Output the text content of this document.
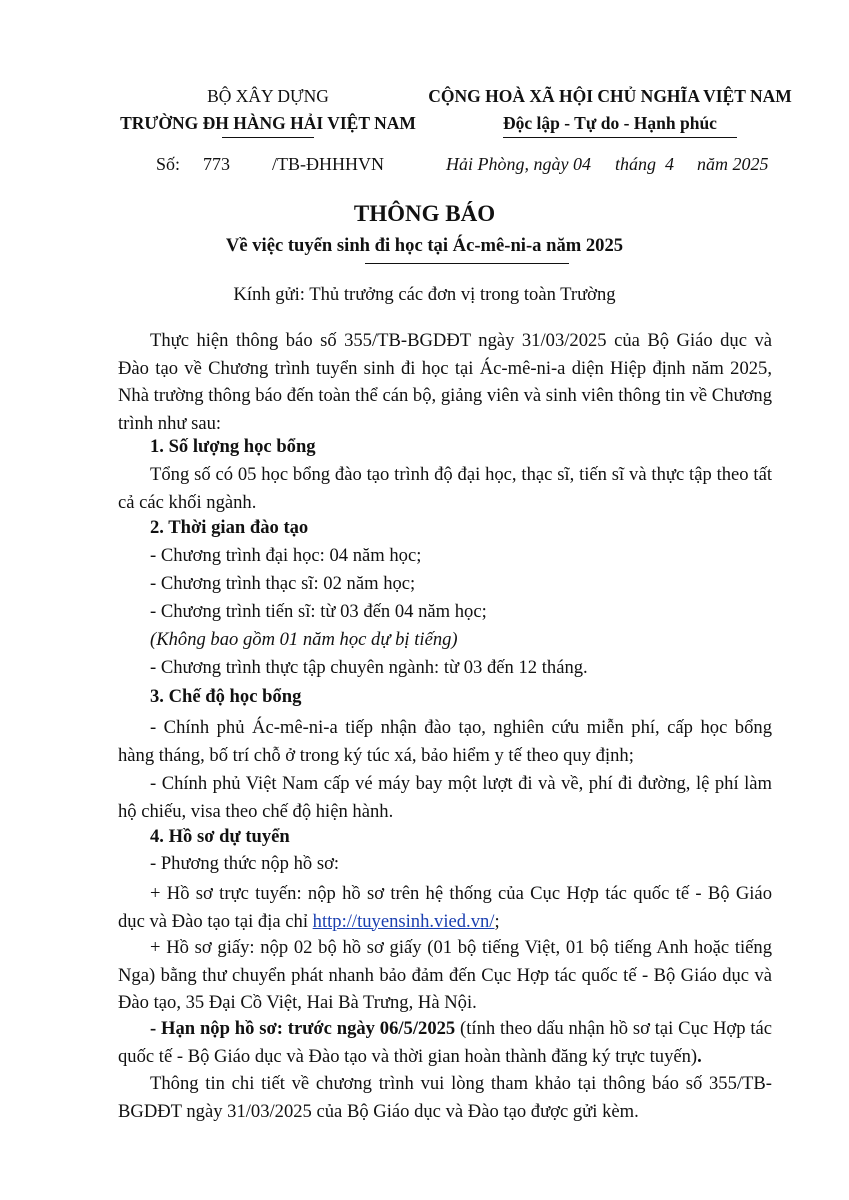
BỘ XÂY DỰNG
TRƯỜNG ĐH HÀNG HẢI VIỆT NAM
CỘNG HOÀ XÃ HỘI CHỦ NGHĨA VIỆT NAM
Độc lập - Tự do - Hạnh phúc
Số: 773 /TB-ĐHHHVN	Hải Phòng, ngày 04 tháng  4 năm 2025
THÔNG BÁO
Về việc tuyển sinh đi học tại Ác-mê-ni-a năm 2025
Kính gửi: Thủ trưởng các đơn vị trong toàn Trường
Thực hiện thông báo số 355/TB-BGDĐT ngày 31/03/2025 của Bộ Giáo dục và Đào tạo về Chương trình tuyển sinh đi học tại Ác-mê-ni-a diện Hiệp định năm 2025, Nhà trường thông báo đến toàn thể cán bộ, giảng viên và sinh viên thông tin về Chương trình như sau:
1. Số lượng học bổng
Tổng số có 05 học bổng đào tạo trình độ đại học, thạc sĩ, tiến sĩ và thực tập theo tất cả các khối ngành.
2. Thời gian đào tạo
- Chương trình đại học: 04 năm học;
- Chương trình thạc sĩ: 02 năm học;
- Chương trình tiến sĩ: từ 03 đến 04 năm học;
(Không bao gồm 01 năm học dự bị tiếng)
- Chương trình thực tập chuyên ngành: từ 03 đến 12 tháng.
3. Chế độ học bổng
- Chính phủ Ác-mê-ni-a tiếp nhận đào tạo, nghiên cứu miễn phí, cấp học bổng hàng tháng, bố trí chỗ ở trong ký túc xá, bảo hiểm y tế theo quy định;
- Chính phủ Việt Nam cấp vé máy bay một lượt đi và về, phí đi đường, lệ phí làm hộ chiếu, visa theo chế độ hiện hành.
4. Hồ sơ dự tuyển
- Phương thức nộp hồ sơ:
+ Hồ sơ trực tuyến: nộp hồ sơ trên hệ thống của Cục Hợp tác quốc tế - Bộ Giáo dục và Đào tạo tại địa chỉ http://tuyensinh.vied.vn/;
+ Hồ sơ giấy: nộp 02 bộ hồ sơ giấy (01 bộ tiếng Việt, 01 bộ tiếng Anh hoặc tiếng Nga) bằng thư chuyển phát nhanh bảo đảm đến Cục Hợp tác quốc tế - Bộ Giáo dục và Đào tạo, 35 Đại Cồ Việt, Hai Bà Trưng, Hà Nội.
- Hạn nộp hồ sơ: trước ngày 06/5/2025 (tính theo dấu nhận hồ sơ tại Cục Hợp tác quốc tế - Bộ Giáo dục và Đào tạo và thời gian hoàn thành đăng ký trực tuyến).
Thông tin chi tiết về chương trình vui lòng tham khảo tại thông báo số 355/TB-BGDĐT ngày 31/03/2025 của Bộ Giáo dục và Đào tạo được gửi kèm.
